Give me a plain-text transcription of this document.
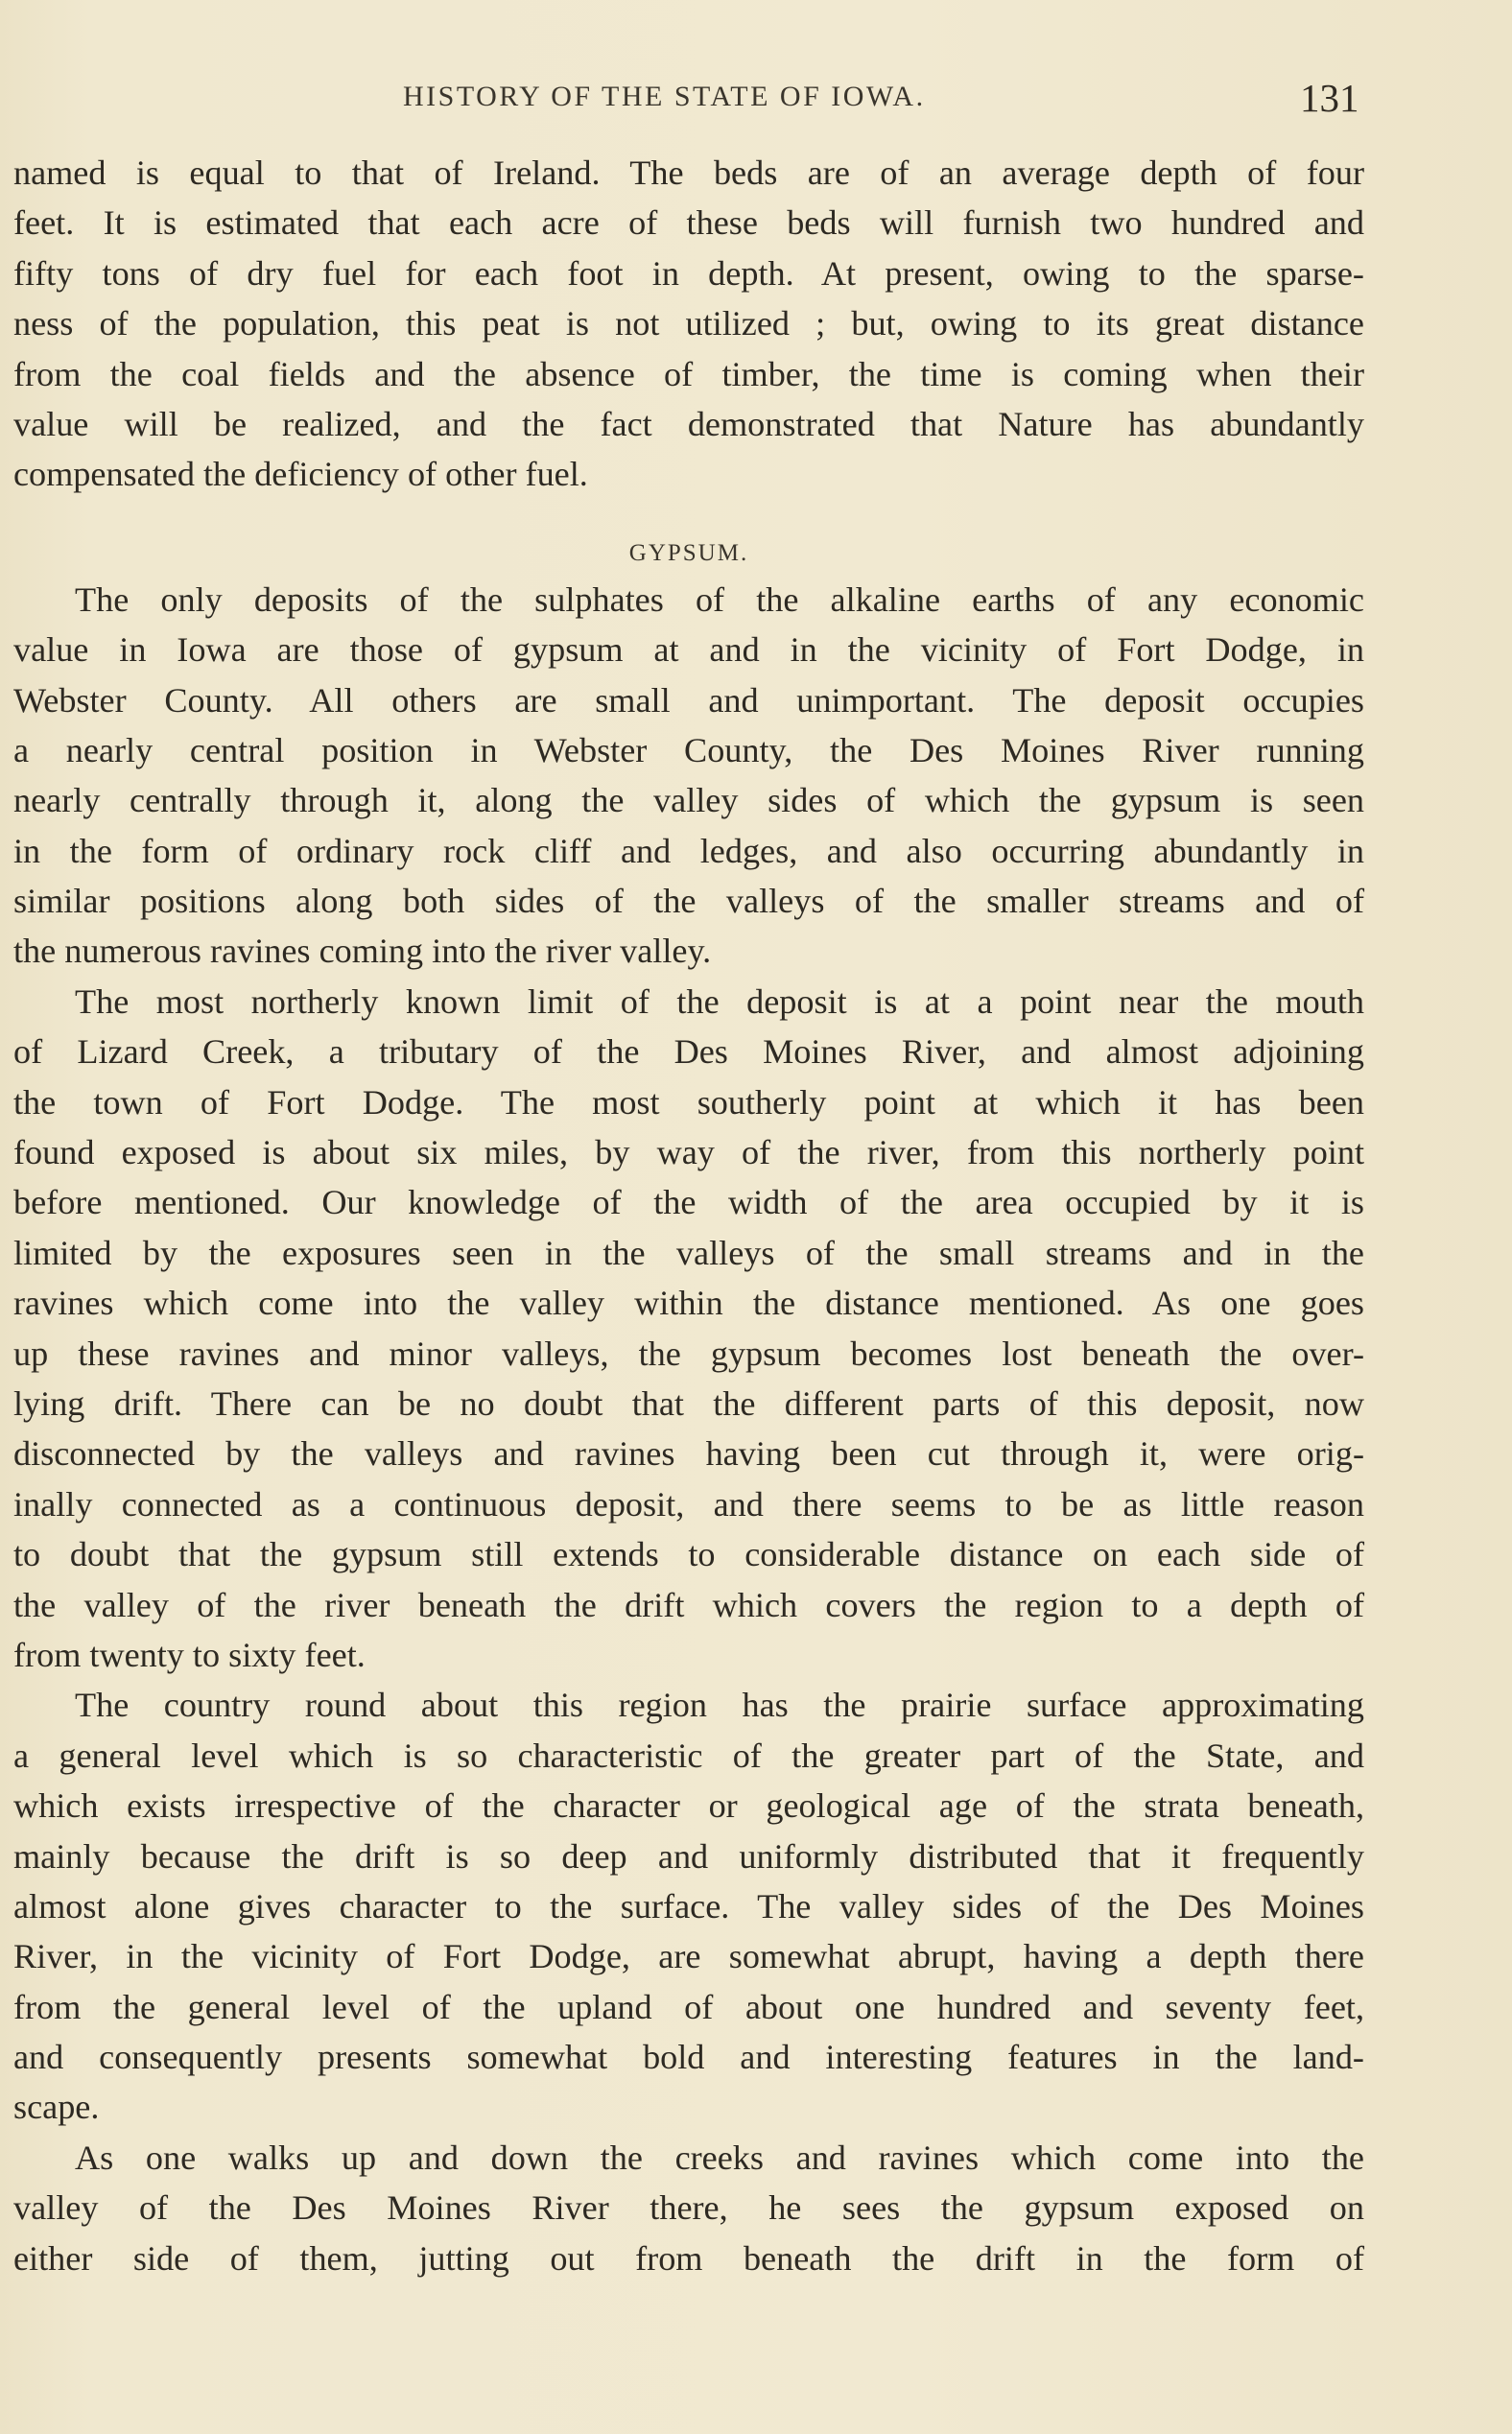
HISTORY OF THE STATE OF IOWA.	131
named is equal to that of Ireland. The beds are of an average depth of four
feet. It is estimated that each acre of these beds will furnish two hundred and
fifty tons of dry fuel for each foot in depth. At present, owing to the sparse-
ness of the population, this peat is not utilized ; but, owing to its great distance
from the coal fields and the absence of timber, the time is coming when their
value will be realized, and the fact demonstrated that Nature has abundantly
compensated the deficiency of other fuel.
GYPSUM.
The only deposits of the sulphates of the alkaline earths of any economic
value in Iowa are those of gypsum at and in the vicinity of Fort Dodge, in
Webster County. All others are small and unimportant. The deposit occupies
a nearly central position in Webster County, the Des Moines River running
nearly centrally through it, along the valley sides of which the gypsum is seen
in the form of ordinary rock cliff and ledges, and also occurring abundantly in
similar positions along both sides of the valleys of the smaller streams and of
the numerous ravines coming into the river valley.
The most northerly known limit of the deposit is at a point near the mouth
of Lizard Creek, a tributary of the Des Moines River, and almost adjoining
the town of Fort Dodge. The most southerly point at which it has been
found exposed is about six miles, by way of the river, from this northerly point
before mentioned. Our knowledge of the width of the area occupied by it is
limited by the exposures seen in the valleys of the small streams and in the
ravines which come into the valley within the distance mentioned. As one goes
up these ravines and minor valleys, the gypsum becomes lost beneath the over-
lying drift. There can be no doubt that the different parts of this deposit, now
disconnected by the valleys and ravines having been cut through it, were orig-
inally connected as a continuous deposit, and there seems to be as little reason
to doubt that the gypsum still extends to considerable distance on each side of
the valley of the river beneath the drift which covers the region to a depth of
from twenty to sixty feet.
The country round about this region has the prairie surface approximating
a general level which is so characteristic of the greater part of the State, and
which exists irrespective of the character or geological age of the strata beneath,
mainly because the drift is so deep and uniformly distributed that it frequently
almost alone gives character to the surface. The valley sides of the Des Moines
River, in the vicinity of Fort Dodge, are somewhat abrupt, having a depth there
from the general level of the upland of about one hundred and seventy feet,
and consequently presents somewhat bold and interesting features in the land-
scape.
As one walks up and down the creeks and ravines which come into the
valley of the Des Moines River there, he sees the gypsum exposed on
either side of them, jutting out from beneath the drift in the form of
